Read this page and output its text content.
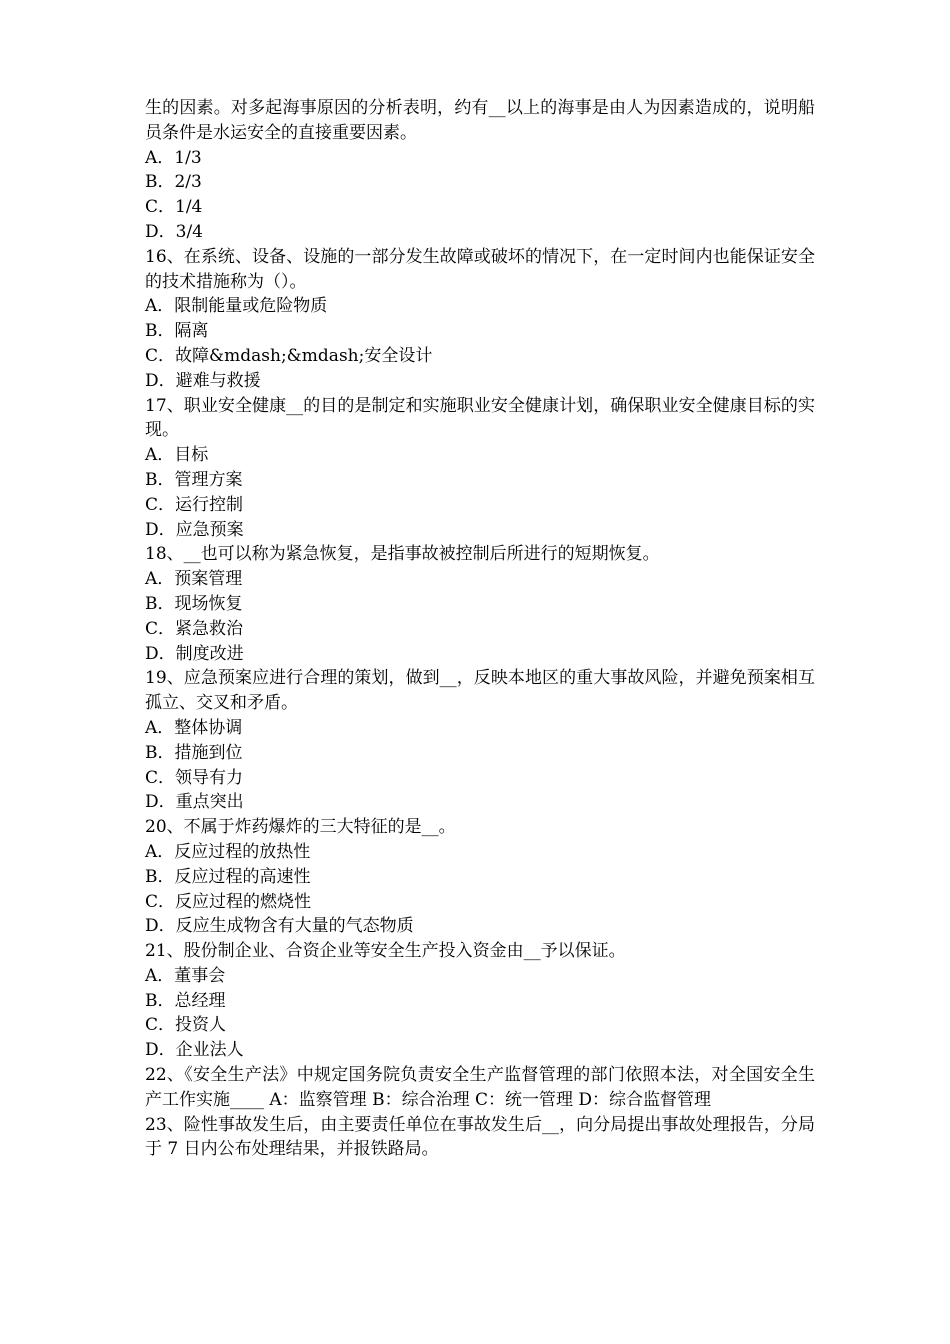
生的因素。对多起海事原因的分析表明，约有__以上的海事是由人为因素造成的，说明船员条件是水运安全的直接重要因素。
A．1/3
B．2/3
C．1/4
D．3/4
16、在系统、设备、设施的一部分发生故障或破坏的情况下，在一定时间内也能保证安全的技术措施称为（）。
A．限制能量或危险物质
B．隔离
C．故障&mdash;&mdash;安全设计
D．避难与救援
17、职业安全健康__的目的是制定和实施职业安全健康计划，确保职业安全健康目标的实现。
A．目标
B．管理方案
C．运行控制
D．应急预案
18、__也可以称为紧急恢复，是指事故被控制后所进行的短期恢复。
A．预案管理
B．现场恢复
C．紧急救治
D．制度改进
19、应急预案应进行合理的策划，做到__，反映本地区的重大事故风险，并避免预案相互孤立、交叉和矛盾。
A．整体协调
B．措施到位
C．领导有力
D．重点突出
20、不属于炸药爆炸的三大特征的是__。
A．反应过程的放热性
B．反应过程的高速性
C．反应过程的燃烧性
D．反应生成物含有大量的气态物质
21、股份制企业、合资企业等安全生产投入资金由__予以保证。
A．董事会
B．总经理
C．投资人
D．企业法人
22、《安全生产法》中规定国务院负责安全生产监督管理的部门依照本法，对全国安全生产工作实施____ A：监察管理 B：综合治理 C：统一管理 D：综合监督管理
23、险性事故发生后，由主要责任单位在事故发生后__，向分局提出事故处理报告，分局于 7 日内公布处理结果，并报铁路局。
